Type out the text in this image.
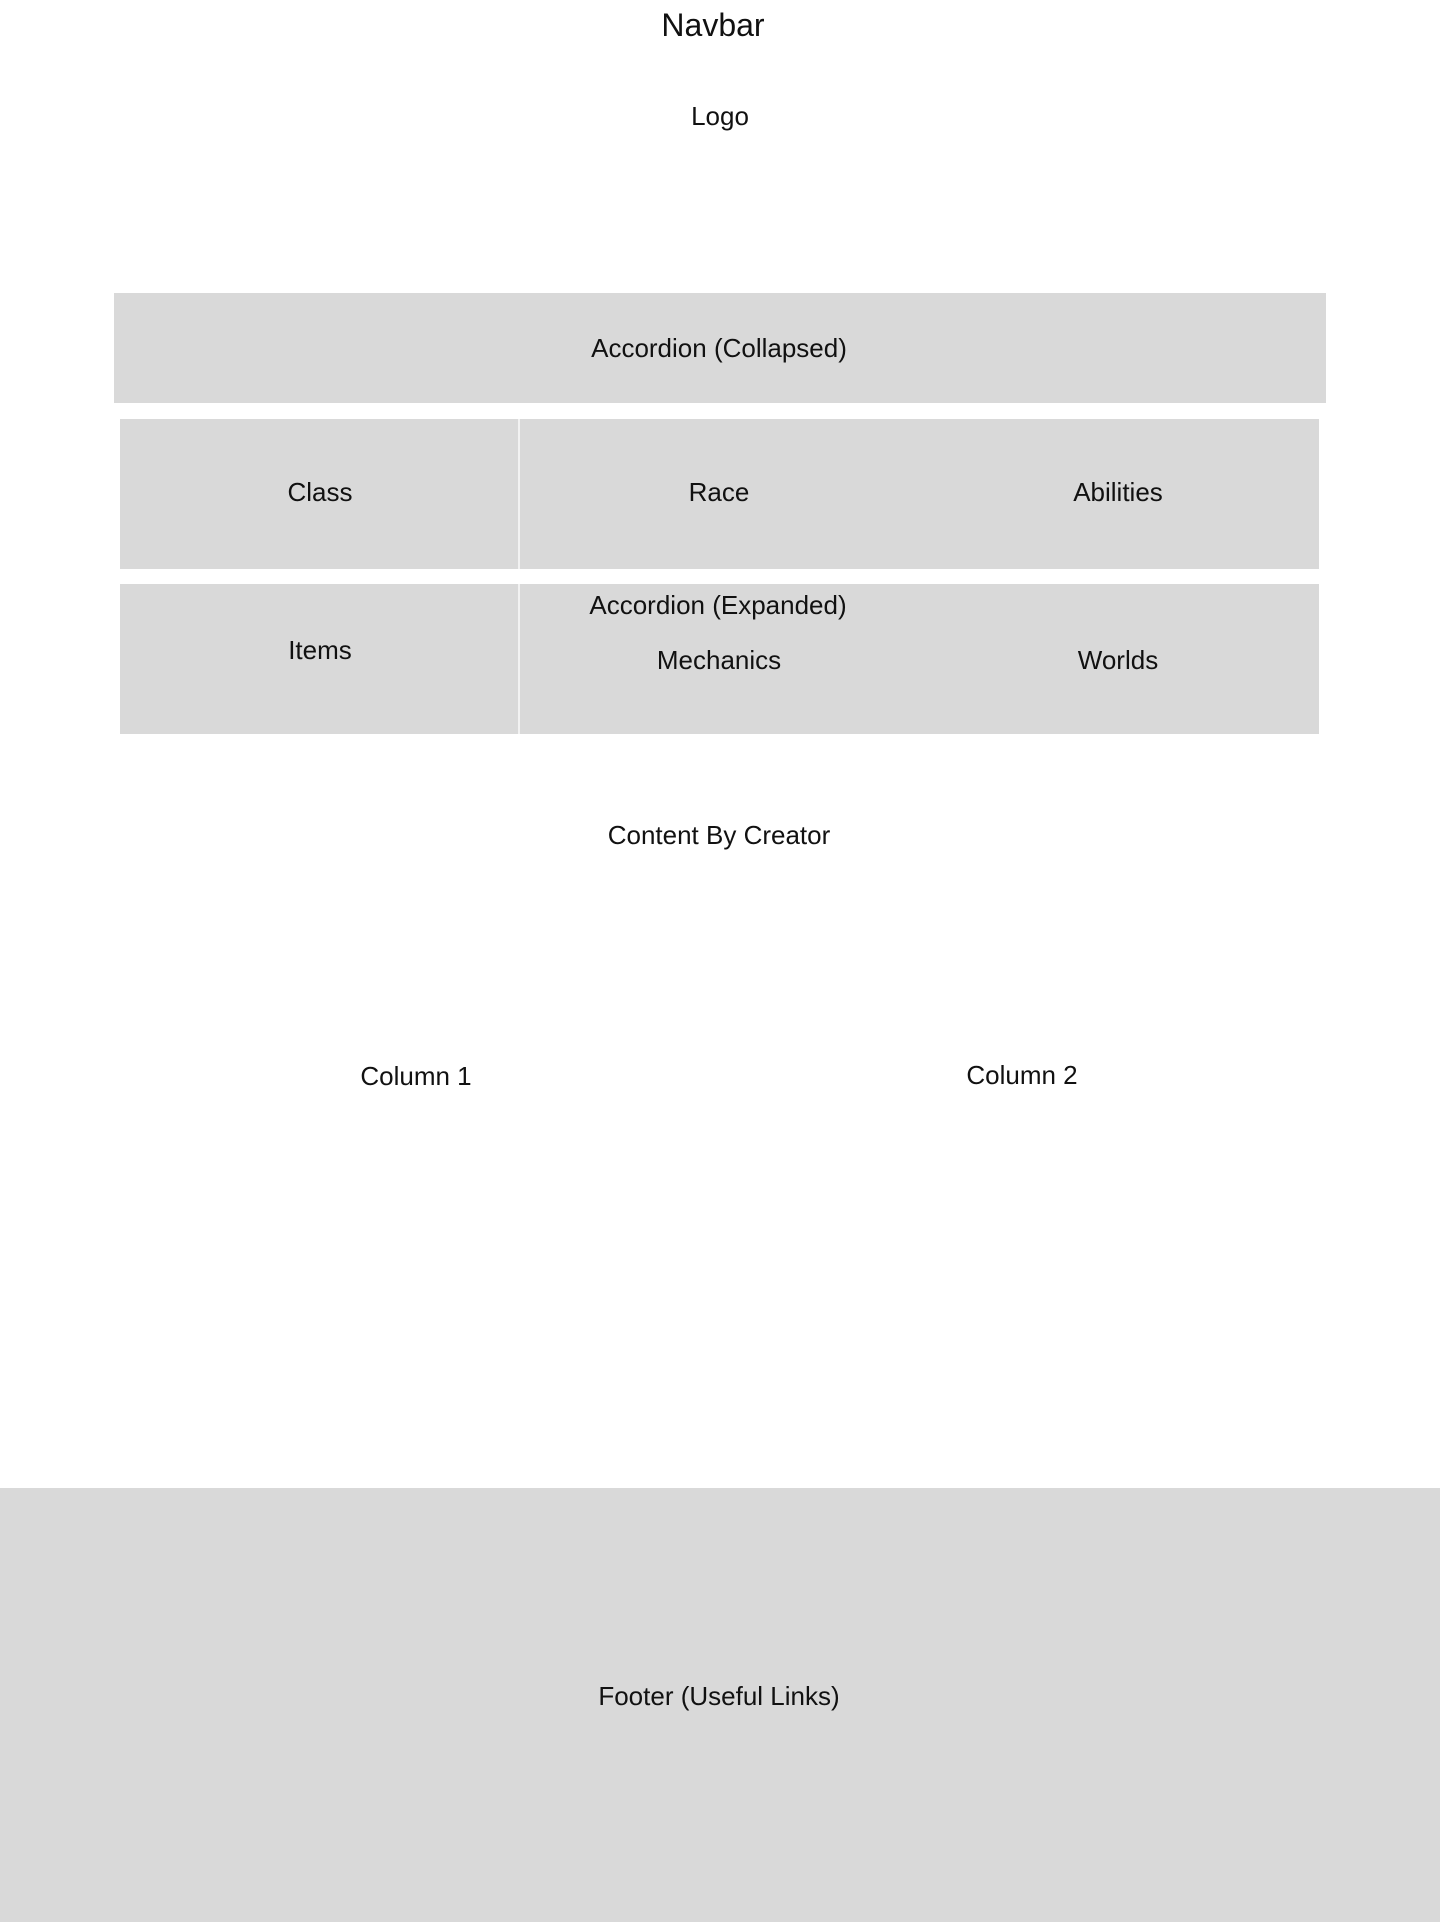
Navbar
Logo
Accordion (Collapsed)
Class	Race	Abilities
Accordion (Expanded)
Items	Mechanics	Worlds
Content By Creator
Column 1	Column 2
Footer (Useful Links)
